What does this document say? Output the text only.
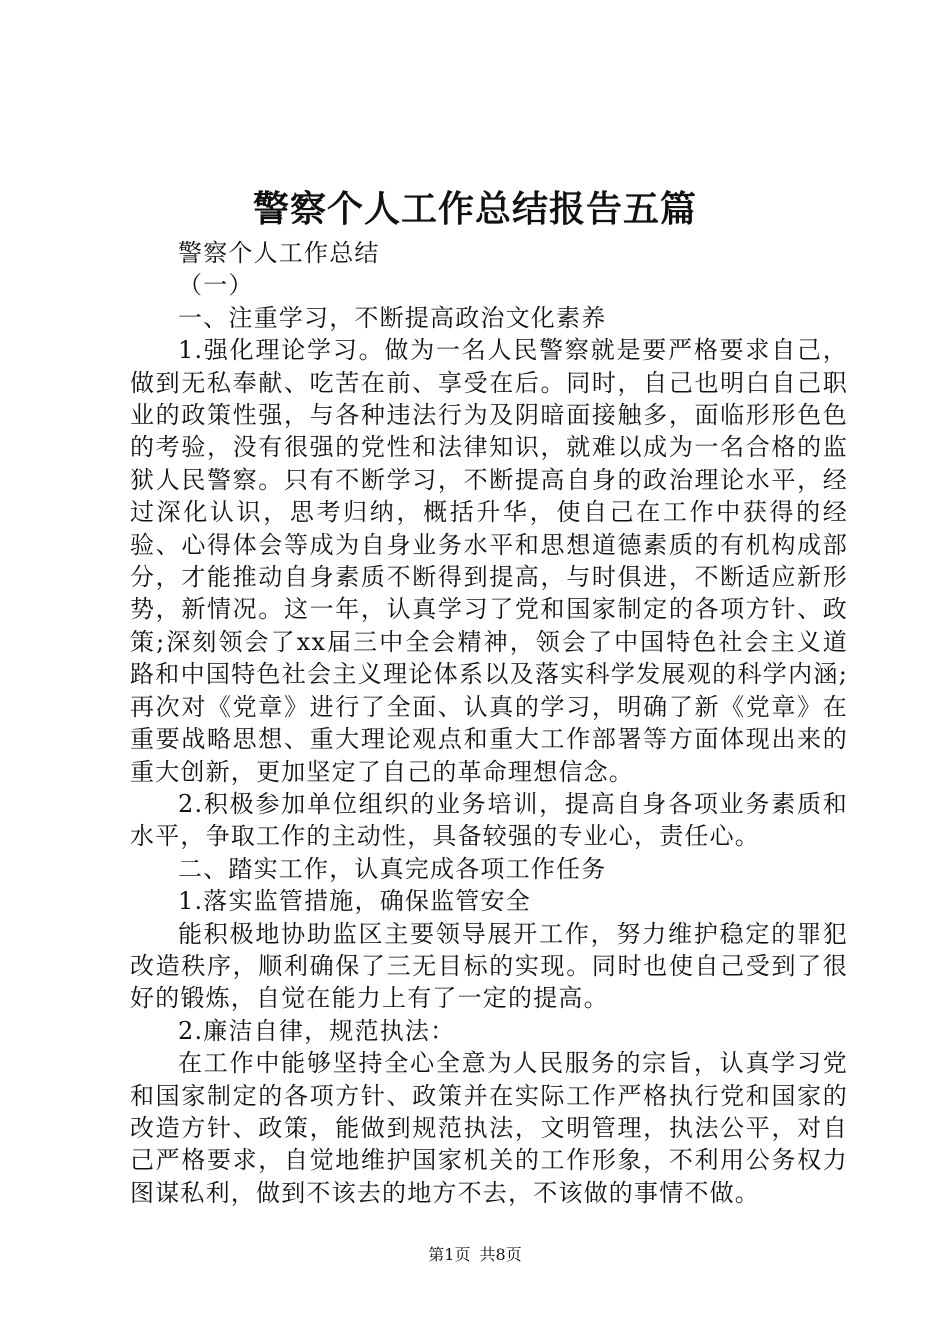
警察个人工作总结报告五篇

警察个人工作总结

（一）

一、注重学习，不断提高政治文化素养

1.强化理论学习。做为一名人民警察就是要严格要求自己，做到无私奉献、吃苦在前、享受在后。同时，自己也明白自己职业的政策性强，与各种违法行为及阴暗面接触多，面临形形色色的考验，没有很强的党性和法律知识，就难以成为一名合格的监狱人民警察。只有不断学习，不断提高自身的政治理论水平，经过深化认识，思考归纳，概括升华，使自己在工作中获得的经验、心得体会等成为自身业务水平和思想道德素质的有机构成部分，才能推动自身素质不断得到提高，与时俱进，不断适应新形势，新情况。这一年，认真学习了党和国家制定的各项方针、政策;深刻领会了xx届三中全会精神，领会了中国特色社会主义道路和中国特色社会主义理论体系以及落实科学发展观的科学内涵;再次对《党章》进行了全面、认真的学习，明确了新《党章》在重要战略思想、重大理论观点和重大工作部署等方面体现出来的重大创新，更加坚定了自己的革命理想信念。

2.积极参加单位组织的业务培训，提高自身各项业务素质和水平，争取工作的主动性，具备较强的专业心，责任心。

二、踏实工作，认真完成各项工作任务

1.落实监管措施，确保监管安全

能积极地协助监区主要领导展开工作，努力维护稳定的罪犯改造秩序，顺利确保了三无目标的实现。同时也使自己受到了很好的锻炼，自觉在能力上有了一定的提高。

2.廉洁自律，规范执法：

在工作中能够坚持全心全意为人民服务的宗旨，认真学习党和国家制定的各项方针、政策并在实际工作严格执行党和国家的改造方针、政策，能做到规范执法，文明管理，执法公平，对自己严格要求，自觉地维护国家机关的工作形象，不利用公务权力图谋私利，做到不该去的地方不去，不该做的事情不做。

第1页 共8页
